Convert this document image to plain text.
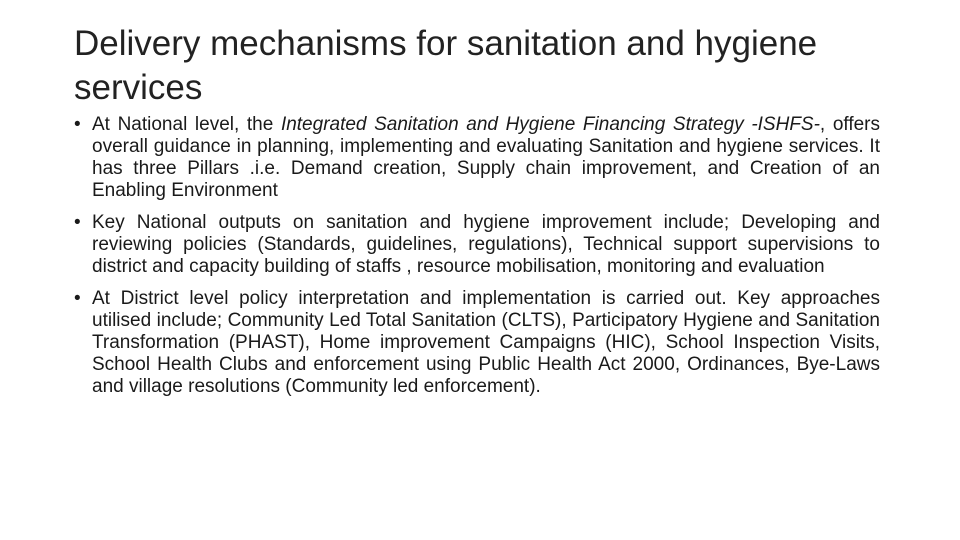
Delivery mechanisms for sanitation and hygiene services
• At National level, the Integrated Sanitation and Hygiene Financing Strategy -ISHFS-, offers overall guidance in planning, implementing and evaluating Sanitation and hygiene services. It has three Pillars .i.e. Demand creation, Supply chain improvement, and Creation of an Enabling Environment
• Key National outputs on sanitation and hygiene improvement include; Developing and reviewing policies (Standards, guidelines, regulations), Technical support supervisions to district and capacity building of staffs , resource mobilisation, monitoring and evaluation
• At District level policy interpretation and implementation is carried out. Key approaches utilised include; Community Led Total Sanitation (CLTS), Participatory Hygiene and Sanitation Transformation (PHAST), Home improvement Campaigns (HIC), School Inspection Visits, School Health Clubs and enforcement using Public Health Act 2000, Ordinances, Bye-Laws and village resolutions (Community led enforcement).
